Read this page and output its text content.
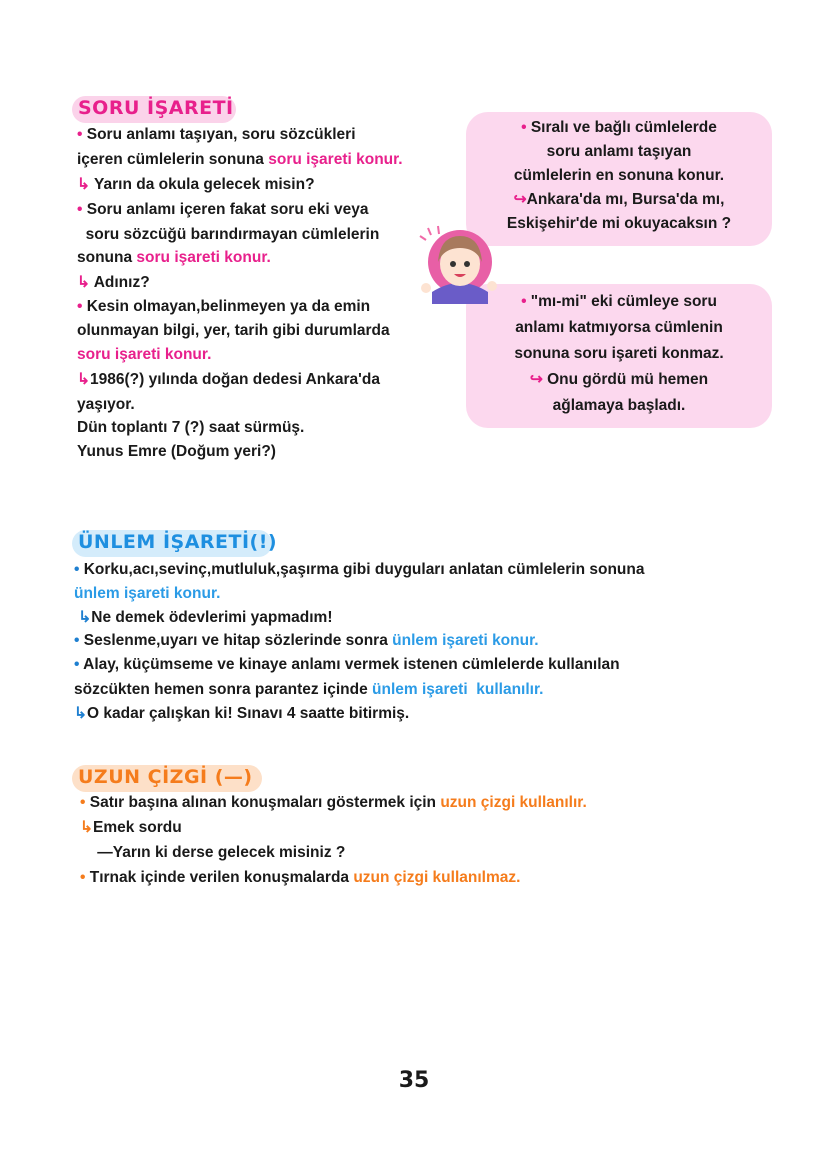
SORU İŞARETİ
ÜNLEM İŞARETİ(!)
UZUN ÇİZGİ (—)
35
• Soru anlamı taşıyan, soru sözcükleri
içeren cümlelerin sonuna soru işareti konur.
↳ Yarın da okula gelecek misin?
• Soru anlamı içeren fakat soru eki veya
soru sözcüğü barındırmayan cümlelerin
sonuna soru işareti konur.
↳ Adınız?
• Kesin olmayan,belinmeyen ya da emin
olunmayan bilgi, yer, tarih gibi durumlarda
soru işareti konur.
↳1986(?) yılında doğan dedesi Ankara'da
yaşıyor.
Dün toplantı 7 (?) saat sürmüş.
Yunus Emre (Doğum yeri?)
• Sıralı ve bağlı cümlelerde
soru anlamı taşıyan
cümlelerin en sonuna konur.
↪Ankara'da mı, Bursa'da mı,
Eskişehir'de mi okuyacaksın ?
• "mı-mi" eki cümleye soru
anlamı katmıyorsa cümlenin
sonuna soru işareti konmaz.
↪ Onu gördü mü hemen
ağlamaya başladı.
• Korku,acı,sevinç,mutluluk,şaşırma gibi duyguları anlatan cümlelerin sonuna
ünlem işareti konur.
↳Ne demek ödevlerimi yapmadım!
• Seslenme,uyarı ve hitap sözlerinde sonra ünlem işareti konur.
• Alay, küçümseme ve kinaye anlamı vermek istenen cümlelerde kullanılan
sözcükten hemen sonra parantez içinde ünlem işareti  kullanılır.
↳O kadar çalışkan ki! Sınavı 4 saatte bitirmiş.
• Satır başına alınan konuşmaları göstermek için uzun çizgi kullanılır.
↳Emek sordu
—Yarın ki derse gelecek misiniz ?
• Tırnak içinde verilen konuşmalarda uzun çizgi kullanılmaz.
